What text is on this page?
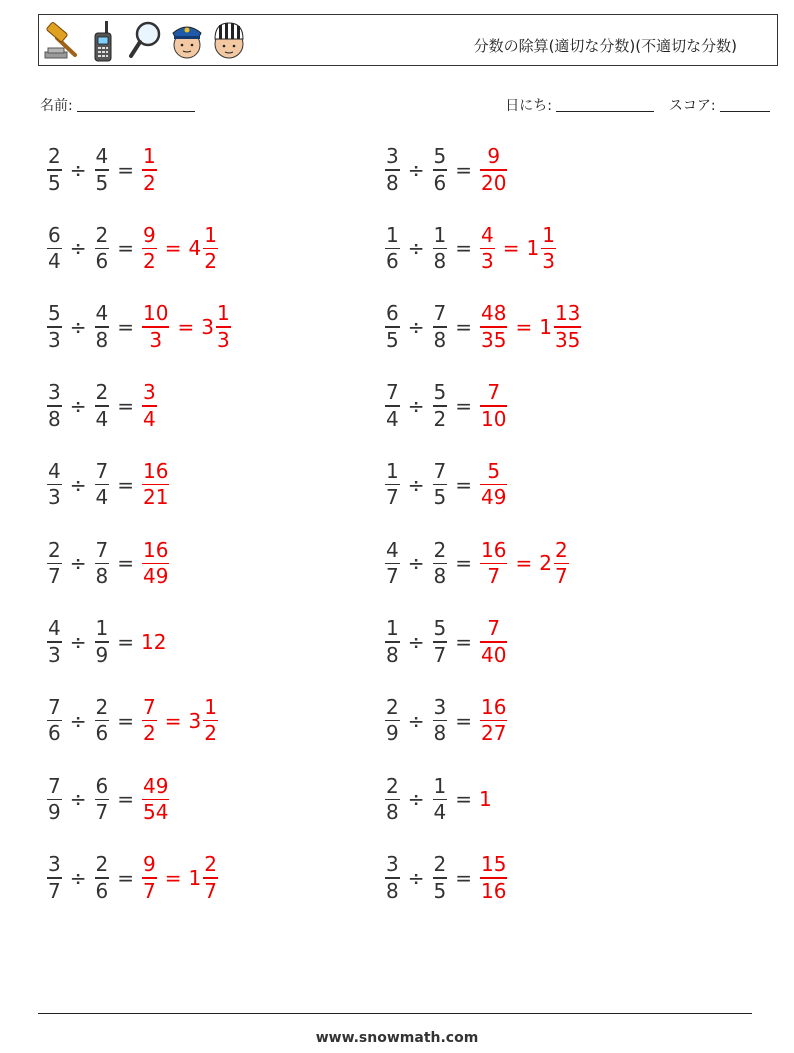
分数の除算(適切な分数)(不適切な分数)
名前:	日にち:	スコア:
$\frac{2}{5} \div \frac{4}{5} = \frac{1}{2}$	$\frac{3}{8} \div \frac{5}{6} = \frac{9}{20}$
$\frac{6}{4} \div \frac{2}{6} = \frac{9}{2} = 4 \frac{1}{2}$	$\frac{1}{6} \div \frac{1}{8} = \frac{4}{3} = 1 \frac{1}{3}$
$\frac{5}{3} \div \frac{4}{8} = \frac{10}{3} = 3 \frac{1}{3}$	$\frac{6}{5} \div \frac{7}{8} = \frac{48}{35} = 1 \frac{13}{35}$
$\frac{3}{8} \div \frac{2}{4} = \frac{3}{4}$	$\frac{7}{4} \div \frac{5}{2} = \frac{7}{10}$
$\frac{4}{3} \div \frac{7}{4} = \frac{16}{21}$	$\frac{1}{7} \div \frac{7}{5} = \frac{5}{49}$
$\frac{2}{7} \div \frac{7}{8} = \frac{16}{49}$	$\frac{4}{7} \div \frac{2}{8} = \frac{16}{7} = 2 \frac{2}{7}$
$\frac{4}{3} \div \frac{1}{9} = 12$	$\frac{1}{8} \div \frac{5}{7} = \frac{7}{40}$
$\frac{7}{6} \div \frac{2}{6} = \frac{7}{2} = 3 \frac{1}{2}$	$\frac{2}{9} \div \frac{3}{8} = \frac{16}{27}$
$\frac{7}{9} \div \frac{6}{7} = \frac{49}{54}$	$\frac{2}{8} \div \frac{1}{4} = 1$
$\frac{3}{7} \div \frac{2}{6} = \frac{9}{7} = 1 \frac{2}{7}$	$\frac{3}{8} \div \frac{2}{5} = \frac{15}{16}$
www.snowmath.com
